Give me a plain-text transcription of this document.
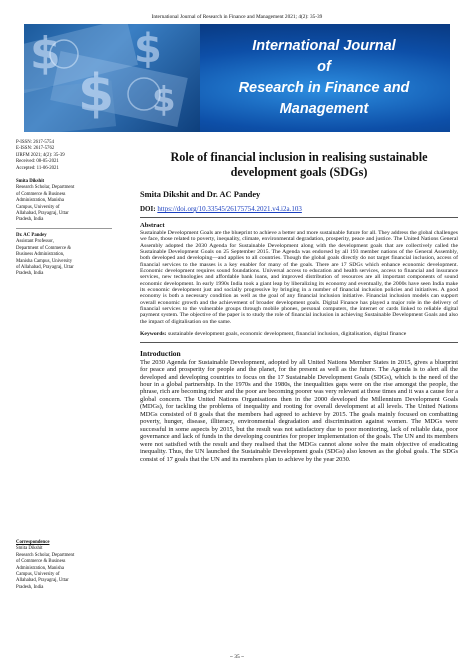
International Journal of Research in Finance and Management 2021; 4(2): 35-39
$
$
$
$
International Journal
of
Research in Finance and Management
P-ISSN: 2617-5754
E-ISSN: 2617-5762
IJRFM 2021; 4(2): 35-39
Received: 08-05-2021
Accepted: 11-06-2021
Smita Dikshit
Research Scholar, Department
of Commerce & Business
Administration, Manisha
Campus, University of
Allahabad, Prayagraj, Uttar
Pradesh, India
Dr. AC Pandey
Assistant Professor,
Department of Commerce &
Business Administration,
Manisha Campus, University
of Allahabad, Prayagraj, Uttar
Pradesh, India
Correspondence
Smita Dikshit
Research Scholar, Department
of Commerce & Business
Administration, Manisha
Campus, University of
Allahabad, Prayagraj, Uttar
Pradesh, India
Role of financial inclusion in realising sustainable
development goals (SDGs)
Smita Dikshit and Dr. AC Pandey
DOI: https://doi.org/10.33545/26175754.2021.v4.i2a.103
Abstract
Sustainable Development Goals are the blueprint to achieve a better and more sustainable future for all. They address the global challenges we face, those related to poverty, inequality, climate, environmental degradation, prosperity, peace and justice. The United Nations General Assembly adopted the 2030 Agenda for Sustainable Development along with the development goals that are collectively called the Sustainable Development Goals on 25 September 2015. The Agenda was endorsed by all 193 member nations of the General Assembly, both developed and developing—and applies to all countries. Though the global goals directly do not target financial inclusion, access of financial services to the masses is a key enabler for many of the goals. There are 17 SDGs which enhance economic development. Economic development requires sound foundations. Universal access to education and health services, access to financial and insurance services, new technologies and affordable bank loans, and improved distribution of resources are all important components of sound economic development. In early 1990s India took a giant leap by liberalizing its economy and eventually, the 2000s have seen India make its economic development just and socially progressive by bringing in a number of financial inclusion policies and initiatives. A good economy is both a necessary condition as well as the goal of any financial inclusion initiative. Financial inclusion models can support overall economic growth and the achievement of broader development goals. Digital Finance has played a major role in the delivery of financial services to the vulnerable groups through mobile phones, personal computers, the internet or cards linked to reliable digital payment system. The objective of the paper is to study the role of financial inclusion in achieving Sustainable Development Goals and also the impact of digitalisation on the same.
Keywords: sustainable development goals, economic development, financial inclusion, digitalisation, digital finance
Introduction
The 2030 Agenda for Sustainable Development, adopted by all United Nations Member States in 2015, gives a blueprint for peace and prosperity for people and the planet, for the present as well as the future. The Agenda is to alert all the developed and developing countries to focus on the 17 Sustainable Development Goals (SDGs), which is the need of the hour in a global partnership. In the 1970s and the 1980s, the inequalities gaps were on the rise amongst the people, the phrase, rich are becoming richer and the poor are becoming poorer was very relevant at those times and it was a cause for a global concern. The United Nations Organisations then in the 2000 developed the Millennium Development Goals (MDGs), for tackling the problems of inequality and rooting for overall development at all levels. The United Nations MDGs consisted of 8 goals that the members had agreed to achieve by 2015. The goals mainly focused on combatting poverty, hunger, disease, illiteracy, environmental degradation and discrimination against women. The MDGs were successful in some aspects by 2015, but the result was not satisfactory due to poor monitoring, lack of reliable data, poor governance and lack of funds in the developing countries for proper implementation of the goals. The UN and its members were not satisfied with the result and they realised that the MDGs cannot alone solve the main objective of eradicating inequality. Thus, the UN launched the Sustainable Development goals (SDGs) also known as the global goals. The SDGs consist of 17 goals that the UN and its members plan to achieve by the year 2030.
~ 35 ~
